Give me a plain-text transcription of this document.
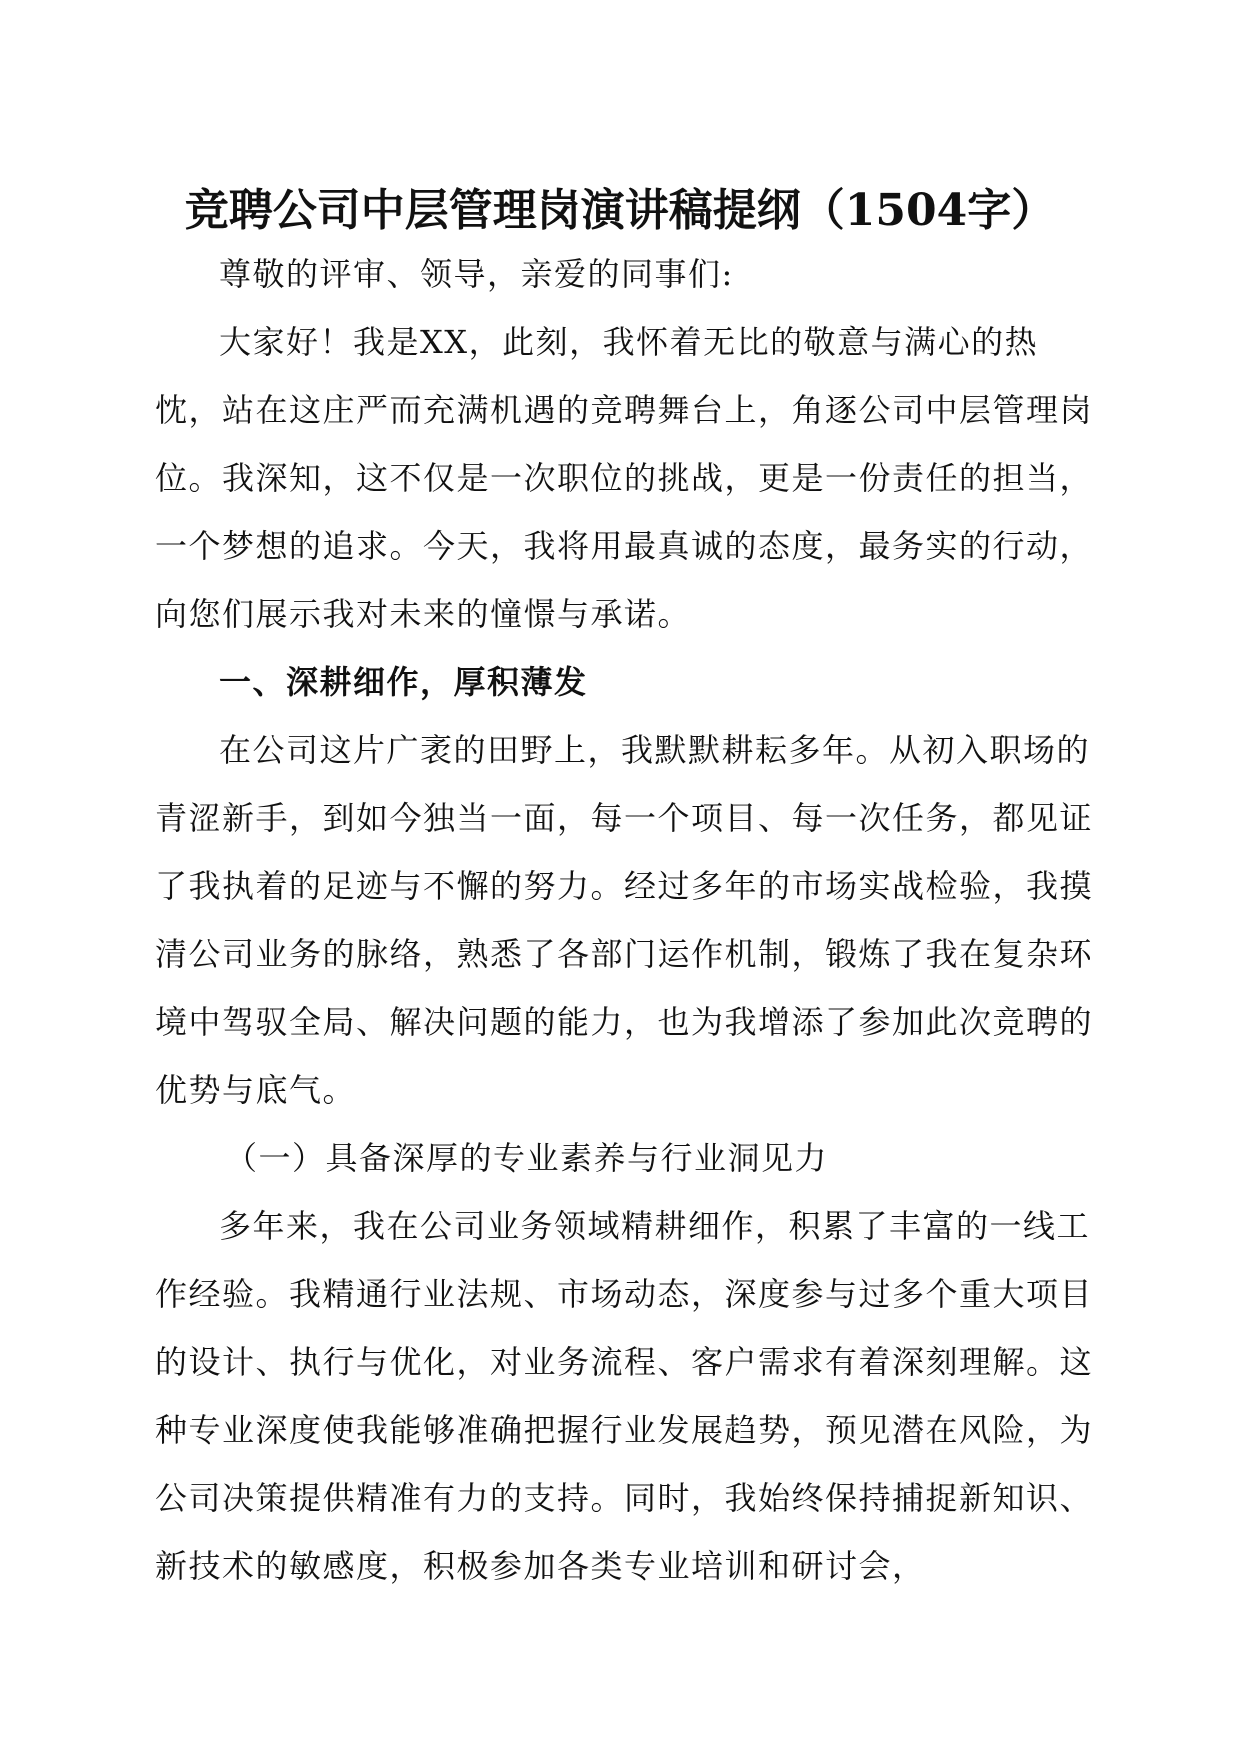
竞聘公司中层管理岗演讲稿提纲（1504字）

尊敬的评审、领导，亲爱的同事们:

大家好！我是XX，此刻，我怀着无比的敬意与满心的热忱，站在这庄严而充满机遇的竞聘舞台上，角逐公司中层管理岗位。我深知，这不仅是一次职位的挑战，更是一份责任的担当，一个梦想的追求。今天，我将用最真诚的态度，最务实的行动，向您们展示我对未来的憧憬与承诺。

一、深耕细作，厚积薄发

在公司这片广袤的田野上，我默默耕耘多年。从初入职场的青涩新手，到如今独当一面，每一个项目、每一次任务，都见证了我执着的足迹与不懈的努力。经过多年的市场实战检验，我摸清公司业务的脉络，熟悉了各部门运作机制，锻炼了我在复杂环境中驾驭全局、解决问题的能力，也为我增添了参加此次竞聘的优势与底气。

（一）具备深厚的专业素养与行业洞见力

多年来，我在公司业务领域精耕细作，积累了丰富的一线工作经验。我精通行业法规、市场动态，深度参与过多个重大项目的设计、执行与优化，对业务流程、客户需求有着深刻理解。这种专业深度使我能够准确把握行业发展趋势，预见潜在风险，为公司决策提供精准有力的支持。同时，我始终保持捕捉新知识、新技术的敏感度，积极参加各类专业培训和研讨会，
